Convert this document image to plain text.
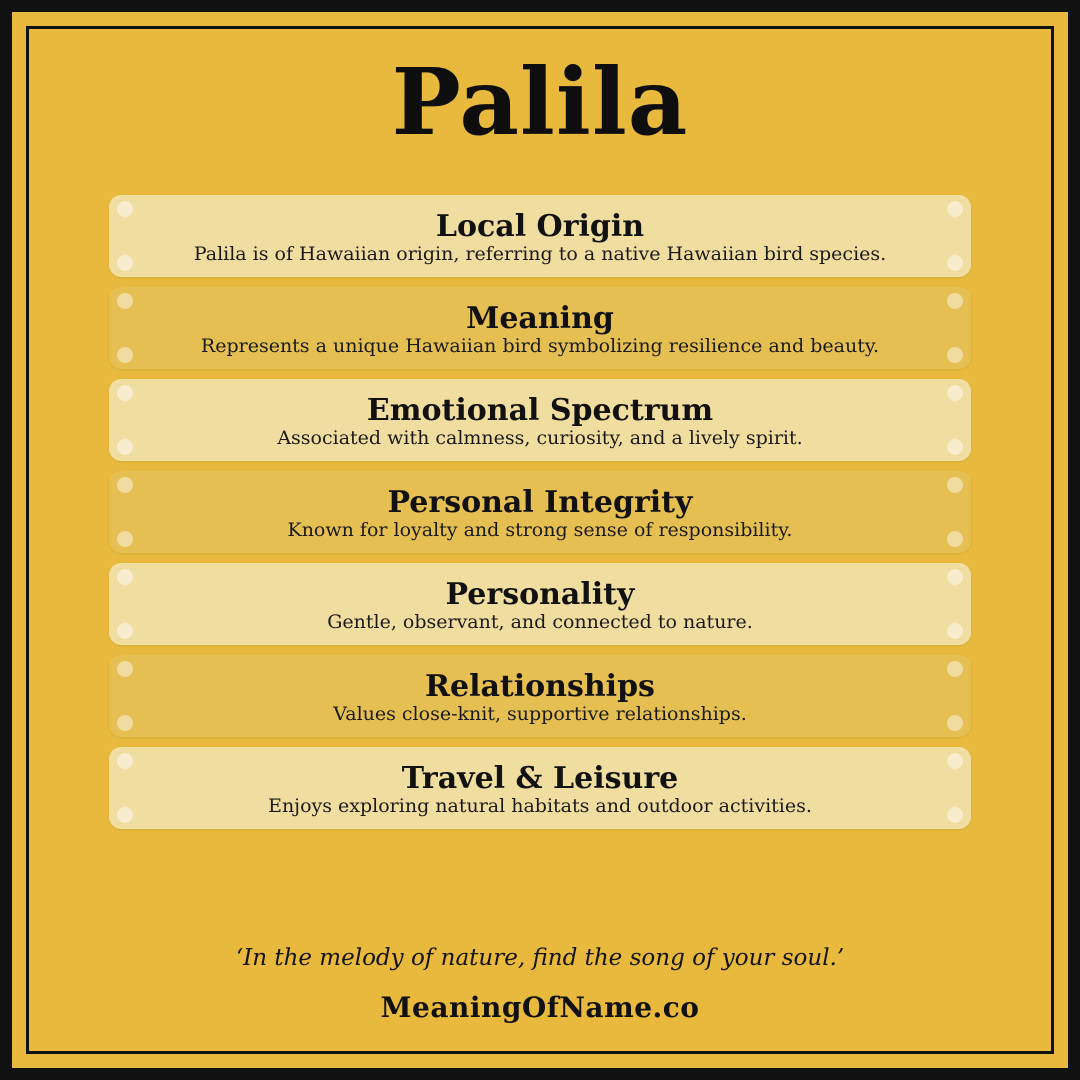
Palila
Local Origin
Palila is of Hawaiian origin, referring to a native Hawaiian bird species.
Meaning
Represents a unique Hawaiian bird symbolizing resilience and beauty.
Emotional Spectrum
Associated with calmness, curiosity, and a lively spirit.
Personal Integrity
Known for loyalty and strong sense of responsibility.
Personality
Gentle, observant, and connected to nature.
Relationships
Values close-knit, supportive relationships.
Travel & Leisure
Enjoys exploring natural habitats and outdoor activities.
‘In the melody of nature, find the song of your soul.’
MeaningOfName.co
